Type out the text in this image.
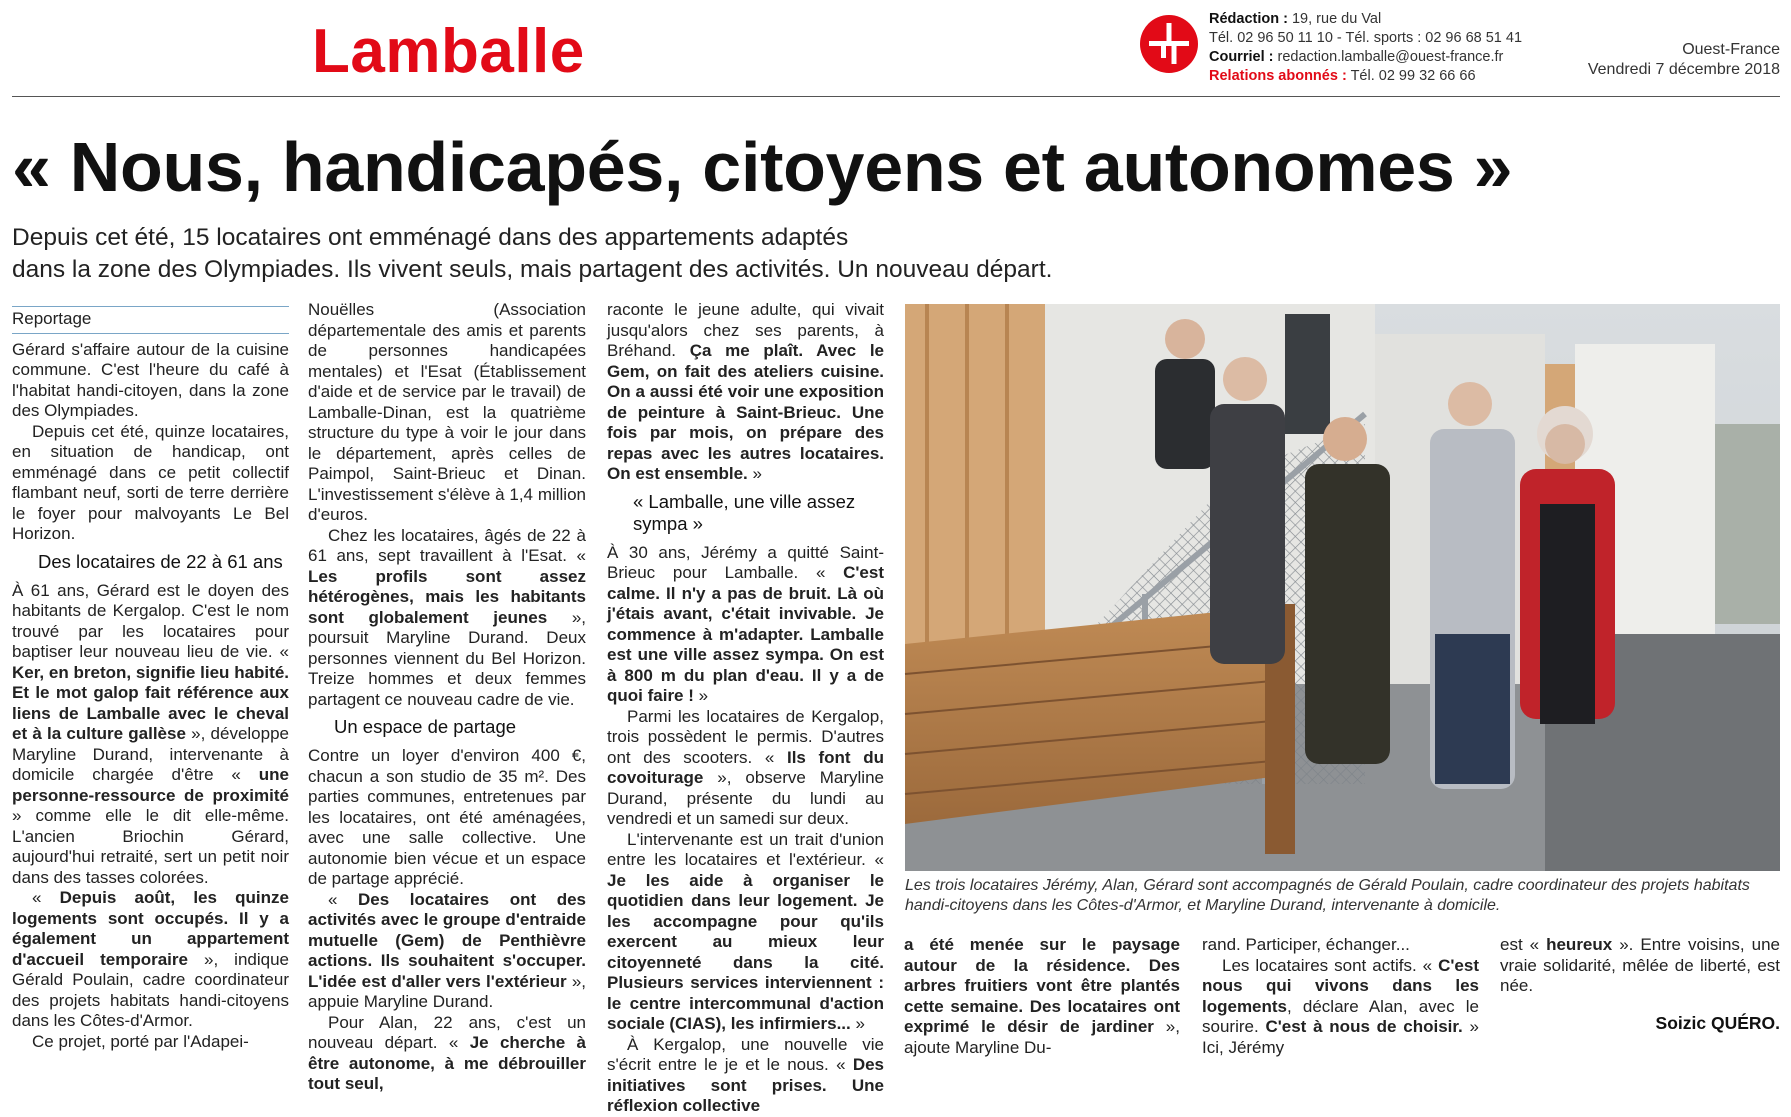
Lamballe	Rédaction : 19, rue du Val
Tél. 02 96 50 11 10 - Tél. sports : 02 96 68 51 41
Courriel : redaction.lamballe@ouest-france.fr
Relations abonnés : Tél. 02 99 32 66 66
Ouest-France
Vendredi 7 décembre 2018
« Nous, handicapés, citoyens et autonomes »
Depuis cet été, 15 locataires ont emménagé dans des appartements adaptés
dans la zone des Olympiades. Ils vivent seuls, mais partagent des activités. Un nouveau départ.
Reportage

Gérard s'affaire autour de la cuisine commune. C'est l'heure du café à l'habitat handi-citoyen, dans la zone des Olympiades.

Depuis cet été, quinze locataires, en situation de handicap, ont emménagé dans ce petit collectif flambant neuf, sorti de terre derrière le foyer pour malvoyants Le Bel Horizon.

Des locataires de 22 à 61 ans

À 61 ans, Gérard est le doyen des habitants de Kergalop. C'est le nom trouvé par les locataires pour baptiser leur nouveau lieu de vie. « Ker, en breton, signifie lieu habité. Et le mot galop fait référence aux liens de Lamballe avec le cheval et à la culture gallèse », développe Maryline Durand, intervenante à domicile chargée d'être « une personne-ressource de proximité » comme elle le dit elle-même. L'ancien Briochin Gérard, aujourd'hui retraité, sert un petit noir dans des tasses colorées.

« Depuis août, les quinze logements sont occupés. Il y a également un appartement d'accueil temporaire », indique Gérald Poulain, cadre coordinateur des projets habitats handi-citoyens dans les Côtes-d'Armor.

Ce projet, porté par l'Adapei-

Nouëlles (Association départementale des amis et parents de personnes handicapées mentales) et l'Esat (Établissement d'aide et de service par le travail) de Lamballe-Dinan, est la quatrième structure du type à voir le jour dans le département, après celles de Paimpol, Saint-Brieuc et Dinan. L'investissement s'élève à 1,4 million d'euros.

Chez les locataires, âgés de 22 à 61 ans, sept travaillent à l'Esat. « Les profils sont assez hétérogènes, mais les habitants sont globalement jeunes », poursuit Maryline Durand. Deux personnes viennent du Bel Horizon. Treize hommes et deux femmes partagent ce nouveau cadre de vie.

Un espace de partage

Contre un loyer d'environ 400 €, chacun a son studio de 35 m². Des parties communes, entretenues par les locataires, ont été aménagées, avec une salle collective. Une autonomie bien vécue et un espace de partage apprécié.

« Des locataires ont des activités avec le groupe d'entraide mutuelle (Gem) de Penthièvre actions. Ils souhaitent s'occuper. L'idée est d'aller vers l'extérieur », appuie Maryline Durand.

Pour Alan, 22 ans, c'est un nouveau départ. « Je cherche à être autonome, à me débrouiller tout seul,

raconte le jeune adulte, qui vivait jusqu'alors chez ses parents, à Bréhand. Ça me plaît. Avec le Gem, on fait des ateliers cuisine. On a aussi été voir une exposition de peinture à Saint-Brieuc. Une fois par mois, on prépare des repas avec les autres locataires. On est ensemble. »

« Lamballe, une ville assez sympa »

À 30 ans, Jérémy a quitté Saint-Brieuc pour Lamballe. « C'est calme. Il n'y a pas de bruit. Là où j'étais avant, c'était invivable. Je commence à m'adapter. Lamballe est une ville assez sympa. On est à 800 m du plan d'eau. Il y a de quoi faire ! »

Parmi les locataires de Kergalop, trois possèdent le permis. D'autres ont des scooters. « Ils font du covoiturage », observe Maryline Durand, présente du lundi au vendredi et un samedi sur deux.

L'intervenante est un trait d'union entre les locataires et l'extérieur. « Je les aide à organiser le quotidien dans leur logement. Je les accompagne pour qu'ils exercent au mieux leur citoyenneté dans la cité. Plusieurs services interviennent : le centre intercommunal d'action sociale (CIAS), les infirmiers... »

À Kergalop, une nouvelle vie s'écrit entre le je et le nous. « Des initiatives sont prises. Une réflexion collective

Les trois locataires Jérémy, Alan, Gérard sont accompagnés de Gérald Poulain, cadre coordinateur des projets habitats handi-citoyens dans les Côtes-d'Armor, et Maryline Durand, intervenante à domicile.

a été menée sur le paysage autour de la résidence. Des arbres fruitiers vont être plantés cette semaine. Des locataires ont exprimé le désir de jardiner », ajoute Maryline Du-

rand. Participer, échanger...

Les locataires sont actifs. « C'est nous qui vivons dans les logements, déclare Alan, avec le sourire. C'est à nous de choisir. » Ici, Jérémy

est « heureux ». Entre voisins, une vraie solidarité, mêlée de liberté, est née.

Soizic QUÉRO.
